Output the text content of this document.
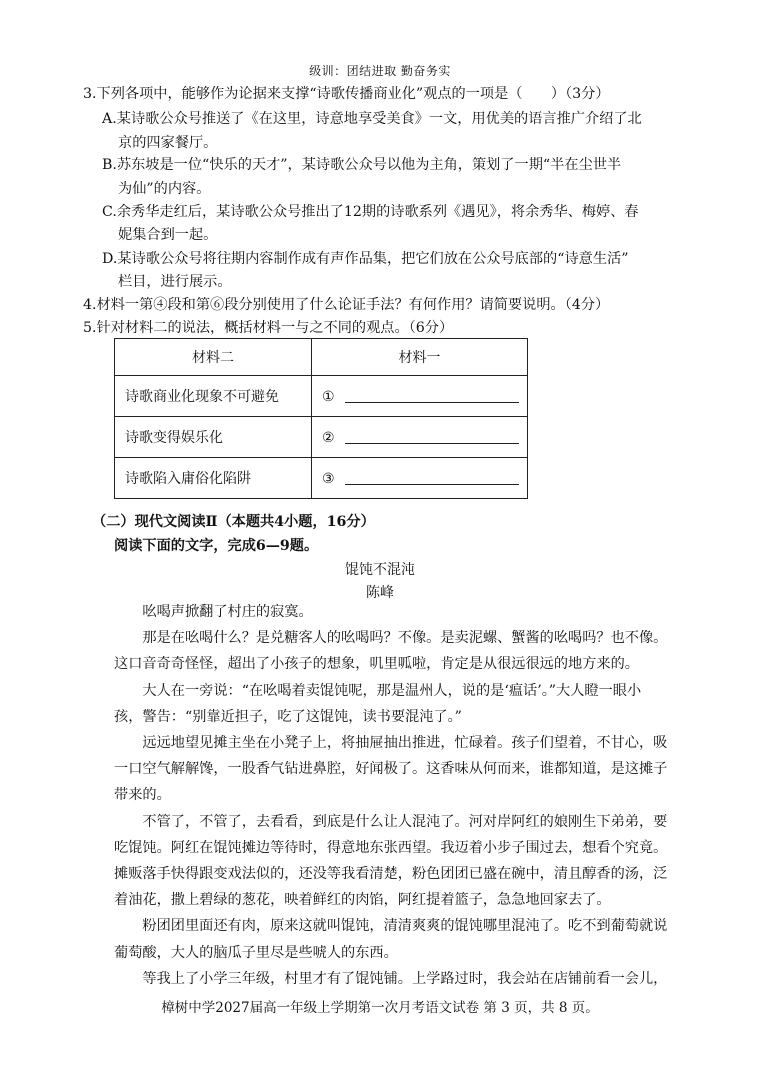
级训：团结进取 勤奋务实
3.下列各项中，能够作为论据来支撑“诗歌传播商业化”观点的一项是（　　）（3分）
A.某诗歌公众号推送了《在这里，诗意地享受美食》一文，用优美的语言推广介绍了北
京的四家餐厅。
B.苏东坡是一位“快乐的天才”，某诗歌公众号以他为主角，策划了一期“半在尘世半
为仙”的内容。
C.余秀华走红后，某诗歌公众号推出了12期的诗歌系列《遇见》，将余秀华、梅婷、春
妮集合到一起。
D.某诗歌公众号将往期内容制作成有声作品集，把它们放在公众号底部的“诗意生活”
栏目，进行展示。
4.材料一第④段和第⑥段分别使用了什么论证手法？有何作用？请简要说明。（4分）
5.针对材料二的说法，概括材料一与之不同的观点。（6分）
材料二	材料一
诗歌商业化现象不可避免	①
诗歌变得娱乐化	②
诗歌陷入庸俗化陷阱	③
（二）现代文阅读Ⅱ（本题共4小题，16分）
阅读下面的文字，完成6—9题。
馄饨不混沌
陈峰
　　吆喝声掀翻了村庄的寂寞。
　　那是在吆喝什么？是兑糖客人的吆喝吗？不像。是卖泥螺、蟹酱的吆喝吗？也不像。
这口音奇奇怪怪，超出了小孩子的想象，叽里呱啦，肯定是从很远很远的地方来的。
　　大人在一旁说：“在吆喝着卖馄饨呢，那是温州人，说的是‘瘟话’。”大人瞪一眼小
孩，警告：“别靠近担子，吃了这馄饨，读书要混沌了。”
　　远远地望见摊主坐在小凳子上，将抽屉抽出推进，忙碌着。孩子们望着，不甘心，吸
一口空气解解馋，一股香气钻进鼻腔，好闻极了。这香味从何而来，谁都知道，是这摊子
带来的。
　　不管了，不管了，去看看，到底是什么让人混沌了。河对岸阿红的娘刚生下弟弟，要
吃馄饨。阿红在馄饨摊边等待时，得意地东张西望。我迈着小步子围过去，想看个究竟。
摊贩落手快得跟变戏法似的，还没等我看清楚，粉色团团已盛在碗中，清且醇香的汤，泛
着油花，撒上碧绿的葱花，映着鲜红的肉馅，阿红提着篮子，急急地回家去了。
　　粉团团里面还有肉，原来这就叫馄饨，清清爽爽的馄饨哪里混沌了。吃不到葡萄就说
葡萄酸，大人的脑瓜子里尽是些唬人的东西。
　　等我上了小学三年级，村里才有了馄饨铺。上学路过时，我会站在店铺前看一会儿，
樟树中学2027届高一年级上学期第一次月考语文试卷 第 3 页，共 8 页。
